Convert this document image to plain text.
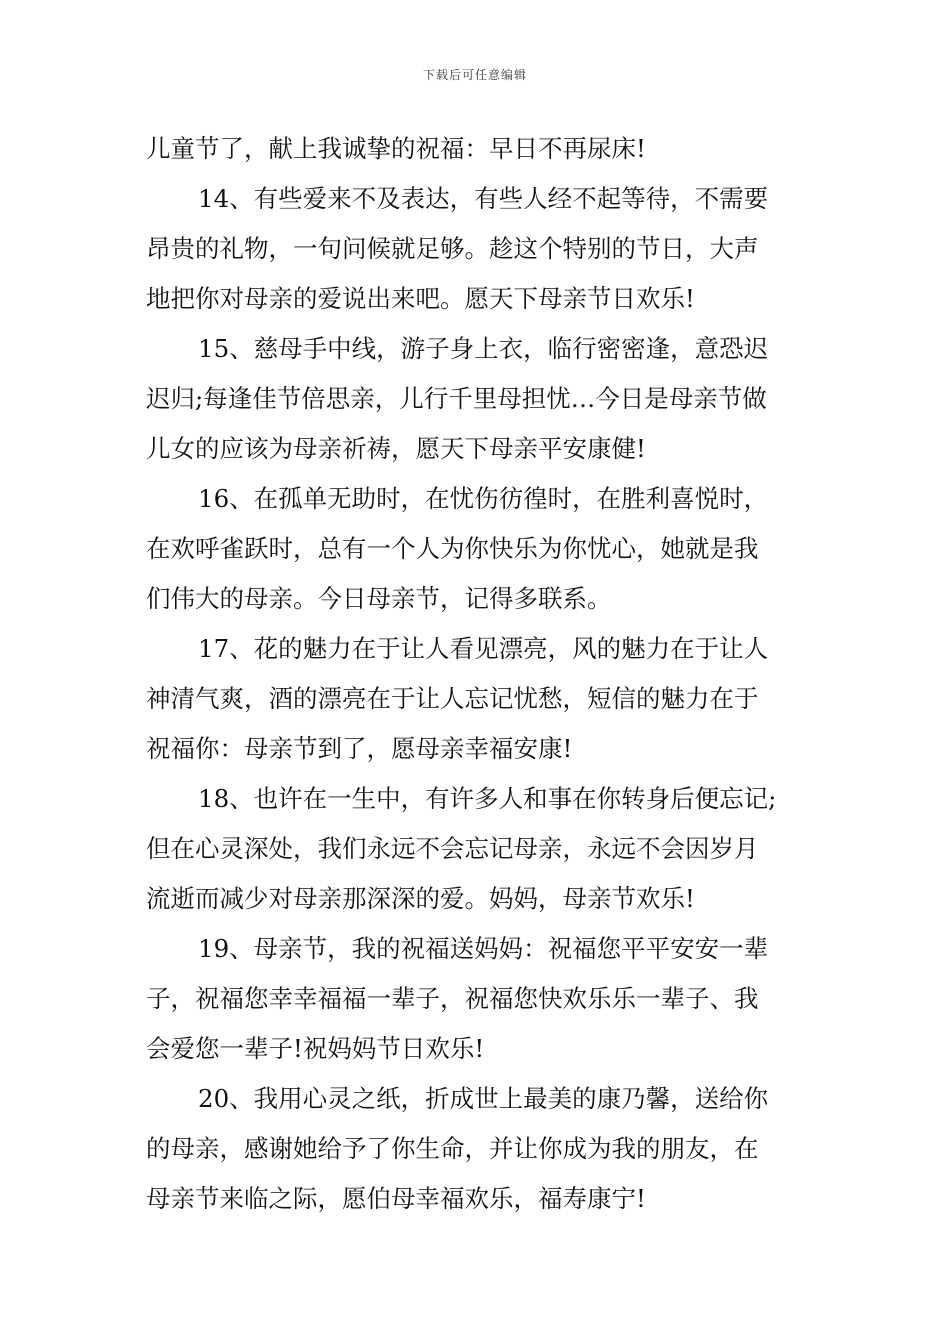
下载后可任意编辑
儿童节了，献上我诚挚的祝福：早日不再尿床!
14、有些爱来不及表达，有些人经不起等待，不需要
昂贵的礼物，一句问候就足够。趁这个特别的节日，大声
地把你对母亲的爱说出来吧。愿天下母亲节日欢乐!
15、慈母手中线，游子身上衣，临行密密逢，意恐迟
迟归;每逢佳节倍思亲，儿行千里母担忧…今日是母亲节做
儿女的应该为母亲祈祷，愿天下母亲平安康健!
16、在孤单无助时，在忧伤彷徨时，在胜利喜悦时，
在欢呼雀跃时，总有一个人为你快乐为你忧心，她就是我
们伟大的母亲。今日母亲节，记得多联系。
17、花的魅力在于让人看见漂亮，风的魅力在于让人
神清气爽，酒的漂亮在于让人忘记忧愁，短信的魅力在于
祝福你：母亲节到了，愿母亲幸福安康!
18、也许在一生中，有许多人和事在你转身后便忘记;
但在心灵深处，我们永远不会忘记母亲，永远不会因岁月
流逝而减少对母亲那深深的爱。妈妈，母亲节欢乐!
19、母亲节，我的祝福送妈妈：祝福您平平安安一辈
子，祝福您幸幸福福一辈子，祝福您快欢乐乐一辈子、我
会爱您一辈子!祝妈妈节日欢乐!
20、我用心灵之纸，折成世上最美的康乃馨，送给你
的母亲，感谢她给予了你生命，并让你成为我的朋友，在
母亲节来临之际，愿伯母幸福欢乐，福寿康宁!
